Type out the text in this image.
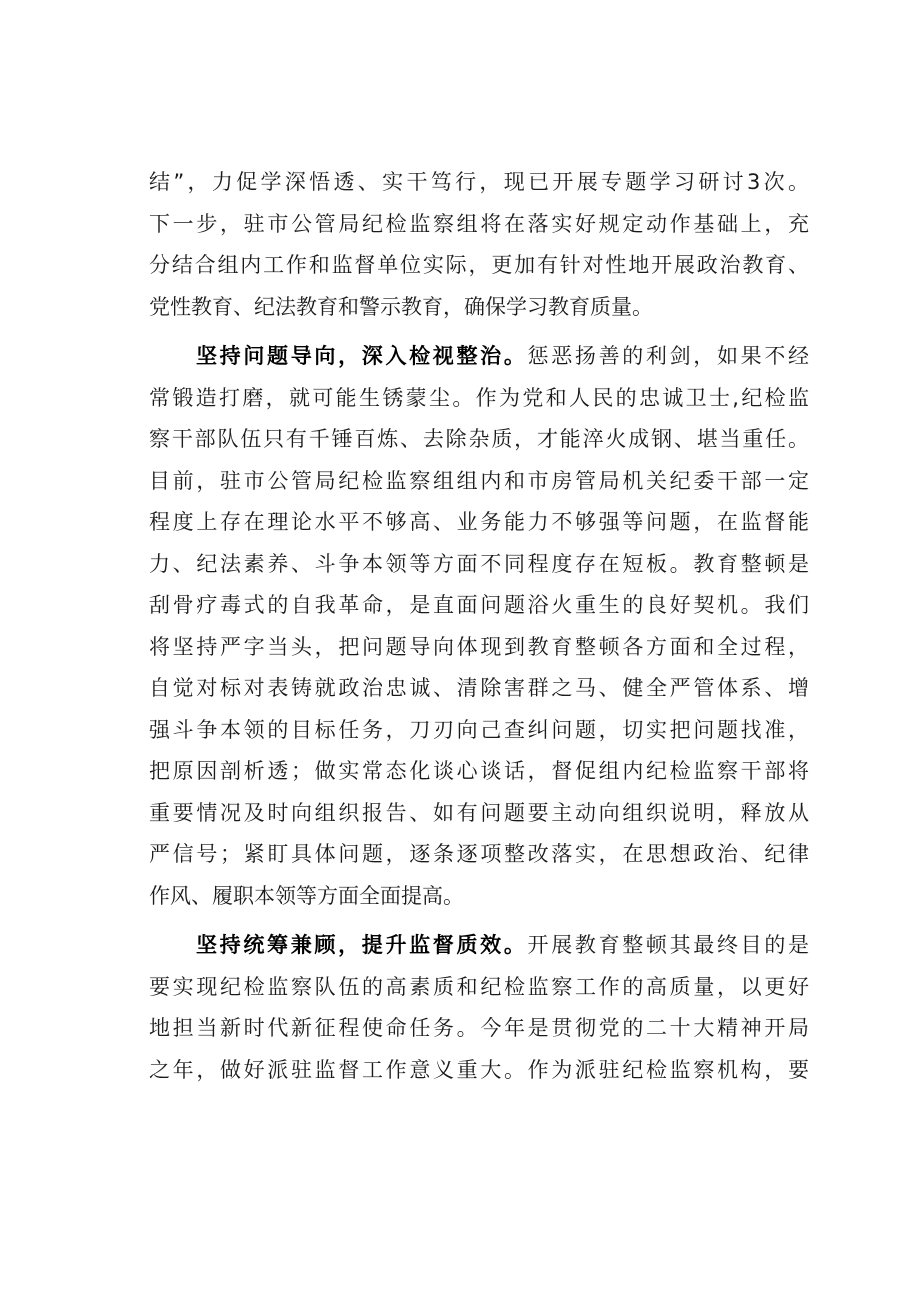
结”，力促学深悟透、实干笃行，现已开展专题学习研讨3次。
下一步，驻市公管局纪检监察组将在落实好规定动作基础上，充
分结合组内工作和监督单位实际，更加有针对性地开展政治教育、
党性教育、纪法教育和警示教育，确保学习教育质量。
坚持问题导向，深入检视整治。惩恶扬善的利剑，如果不经
常锻造打磨，就可能生锈蒙尘。作为党和人民的忠诚卫士,纪检监
察干部队伍只有千锤百炼、去除杂质，才能淬火成钢、堪当重任。
目前，驻市公管局纪检监察组组内和市房管局机关纪委干部一定
程度上存在理论水平不够高、业务能力不够强等问题，在监督能
力、纪法素养、斗争本领等方面不同程度存在短板。教育整顿是
刮骨疗毒式的自我革命，是直面问题浴火重生的良好契机。我们
将坚持严字当头，把问题导向体现到教育整顿各方面和全过程，
自觉对标对表铸就政治忠诚、清除害群之马、健全严管体系、增
强斗争本领的目标任务，刀刃向己查纠问题，切实把问题找准，
把原因剖析透；做实常态化谈心谈话，督促组内纪检监察干部将
重要情况及时向组织报告、如有问题要主动向组织说明，释放从
严信号；紧盯具体问题，逐条逐项整改落实，在思想政治、纪律
作风、履职本领等方面全面提高。
坚持统筹兼顾，提升监督质效。开展教育整顿其最终目的是
要实现纪检监察队伍的高素质和纪检监察工作的高质量，以更好
地担当新时代新征程使命任务。今年是贯彻党的二十大精神开局
之年，做好派驻监督工作意义重大。作为派驻纪检监察机构，要
